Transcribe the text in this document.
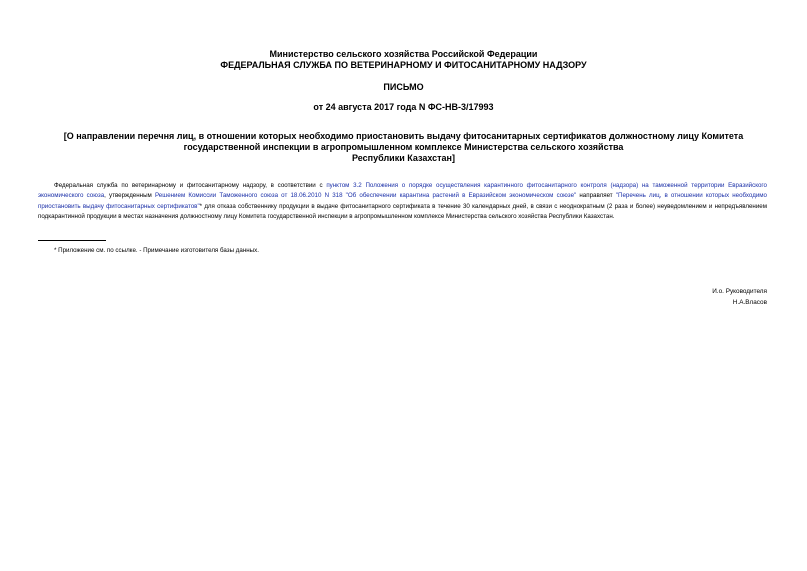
Министерство сельского хозяйства Российской Федерации
ФЕДЕРАЛЬНАЯ СЛУЖБА ПО ВЕТЕРИНАРНОМУ И ФИТОСАНИТАРНОМУ НАДЗОРУ
ПИСЬМО
от 24 августа 2017 года N ФС-НВ-3/17993
[О направлении перечня лиц, в отношении которых необходимо приостановить выдачу фитосанитарных сертификатов должностному лицу Комитета
государственной инспекции в агропромышленном комплексе Министерства сельского хозяйства
Республики Казахстан]
Федеральная служба по ветеринарному и фитосанитарному надзору, в соответствии с пунктом 3.2 Положения о порядке осуществления карантинного фитосанитарного контроля (надзора) на таможенной территории Евразийского экономического союза, утвержденным Решением Комиссии Таможенного союза от 18.06.2010 N 318 "Об обеспечении карантина растений в Евразийском экономическом союзе" направляет "Перечень лиц, в отношении которых необходимо приостановить выдачу фитосанитарных сертификатов"* для отказа собственнику продукции в выдаче фитосанитарного сертификата в течение 30 календарных дней, в связи с неоднократным (2 раза и более) неуведомлением и непредъявлением подкарантинной продукции в местах назначения должностному лицу Комитета государственной инспекции в агропромышленном комплексе Министерства сельского хозяйства Республики Казахстан.
* Приложение см. по ссылке. - Примечание изготовителя базы данных.
И.о. Руководителя
Н.А.Власов
